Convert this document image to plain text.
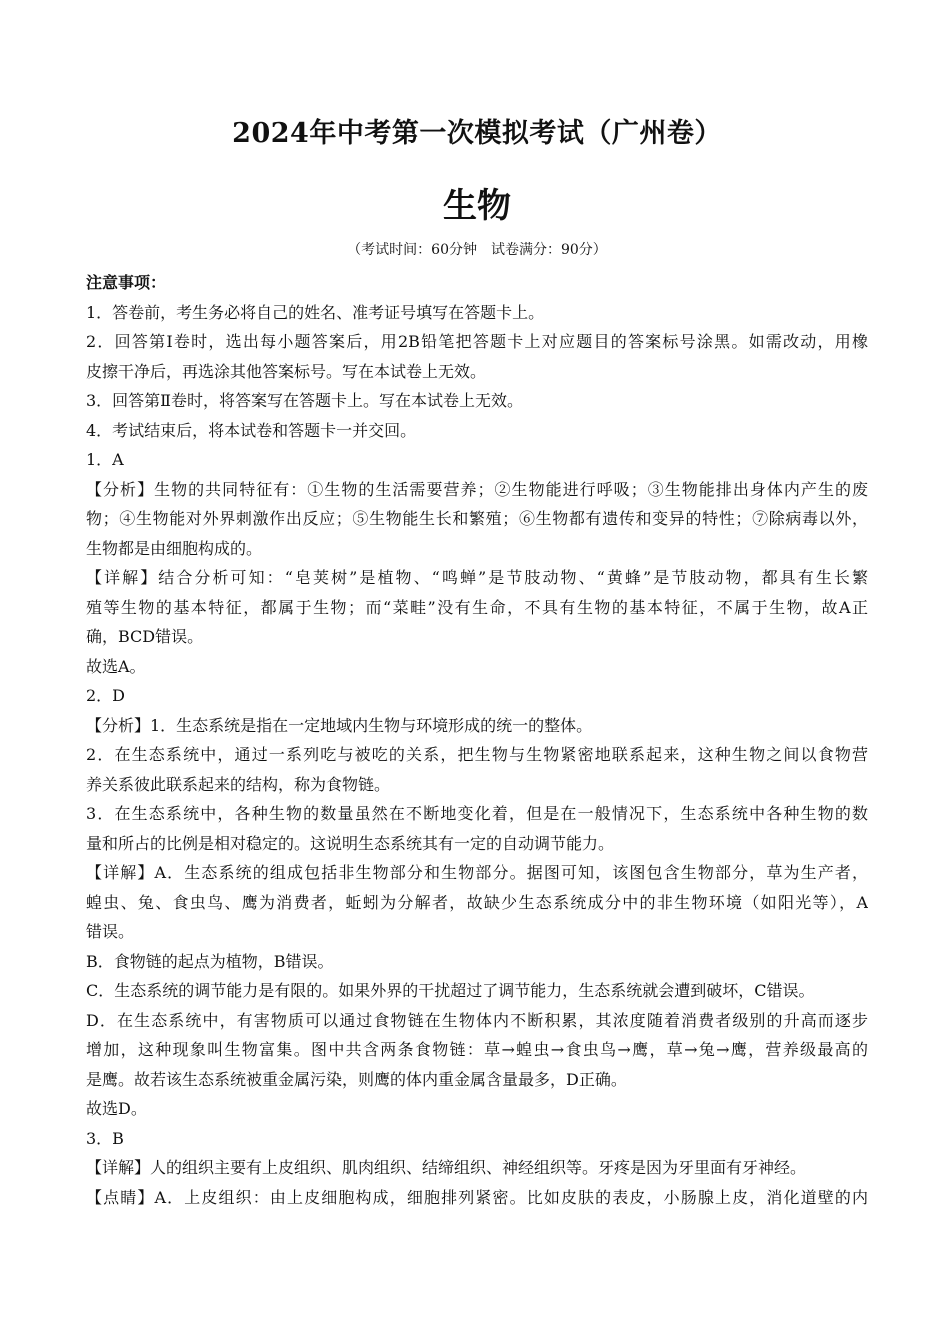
2024年中考第一次模拟考试（广州卷）
生物

（考试时间：60分钟　试卷满分：90分）

注意事项：

1．答卷前，考生务必将自己的姓名、准考证号填写在答题卡上。

2．回答第Ⅰ卷时，选出每小题答案后，用2B铅笔把答题卡上对应题目的答案标号涂黑。如需改动，用橡

皮擦干净后，再选涂其他答案标号。写在本试卷上无效。

3．回答第Ⅱ卷时，将答案写在答题卡上。写在本试卷上无效。

4．考试结束后，将本试卷和答题卡一并交回。

1．A

【分析】生物的共同特征有：①生物的生活需要营养；②生物能进行呼吸；③生物能排出身体内产生的废

物；④生物能对外界刺激作出反应；⑤生物能生长和繁殖；⑥生物都有遗传和变异的特性；⑦除病毒以外，

生物都是由细胞构成的。

【详解】结合分析可知：“皂荚树”是植物、“鸣蝉”是节肢动物、“黄蜂”是节肢动物，都具有生长繁

殖等生物的基本特征，都属于生物；而“菜畦”没有生命，不具有生物的基本特征，不属于生物，故A正

确，BCD错误。

故选A。

2．D

【分析】1．生态系统是指在一定地域内生物与环境形成的统一的整体。

2．在生态系统中，通过一系列吃与被吃的关系，把生物与生物紧密地联系起来，这种生物之间以食物营

养关系彼此联系起来的结构，称为食物链。

3．在生态系统中，各种生物的数量虽然在不断地变化着，但是在一般情况下，生态系统中各种生物的数

量和所占的比例是相对稳定的。这说明生态系统其有一定的自动调节能力。

【详解】A．生态系统的组成包括非生物部分和生物部分。据图可知，该图包含生物部分，草为生产者，

蝗虫、兔、食虫鸟、鹰为消费者，蚯蚓为分解者，故缺少生态系统成分中的非生物环境（如阳光等），A

错误。

B．食物链的起点为植物，B错误。

C．生态系统的调节能力是有限的。如果外界的干扰超过了调节能力，生态系统就会遭到破坏，C错误。

D．在生态系统中，有害物质可以通过食物链在生物体内不断积累，其浓度随着消费者级别的升高而逐步

增加，这种现象叫生物富集。图中共含两条食物链：草→蝗虫→食虫鸟→鹰，草→兔→鹰，营养级最高的

是鹰。故若该生态系统被重金属污染，则鹰的体内重金属含量最多，D正确。

故选D。

3．B

【详解】人的组织主要有上皮组织、肌肉组织、结缔组织、神经组织等。牙疼是因为牙里面有牙神经。

【点睛】A．上皮组织：由上皮细胞构成，细胞排列紧密。比如皮肤的表皮，小肠腺上皮，消化道壁的内
